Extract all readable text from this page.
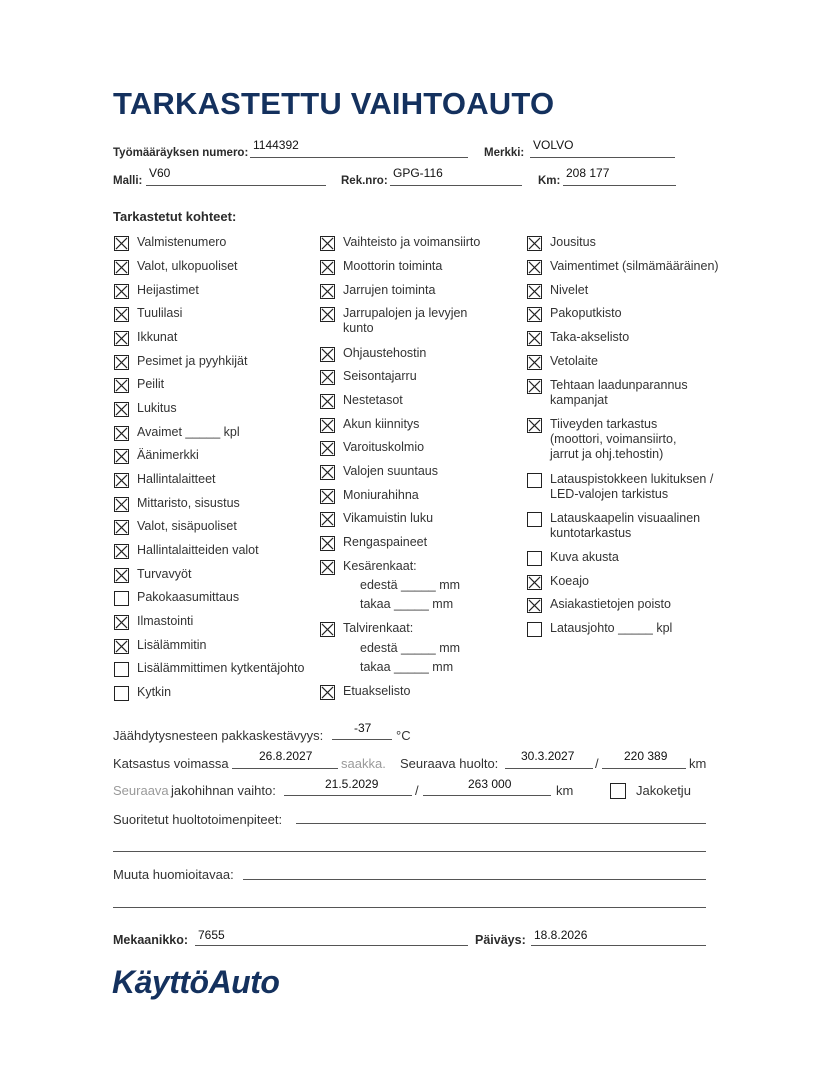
TARKASTETTU VAIHTOAUTO
Työmääräyksen numero:
1144392
Merkki:
VOLVO
Malli:
V60
Rek.nro:
GPG-116
Km:
208 177
Tarkastetut kohteet:
Valmistenumero
Valot, ulkopuoliset
Heijastimet
Tuulilasi
Ikkunat
Pesimet ja pyyhkijät
Peilit
Lukitus
Avaimet _____ kpl
Äänimerkki
Hallintalaitteet
Mittaristo, sisustus
Valot, sisäpuoliset
Hallintalaitteiden valot
Turvavyöt
Pakokaasumittaus
Ilmastointi
Lisälämmitin
Lisälämmittimen kytkentäjohto
Kytkin
Vaihteisto ja voimansiirto
Moottorin toiminta
Jarrujen toiminta
Jarrupalojen ja levyjen kunto
Ohjaustehostin
Seisontajarru
Nestetasot
Akun kiinnitys
Varoituskolmio
Valojen suuntaus
Moniurahihna
Vikamuistin luku
Rengaspaineet
Kesärenkaat:
Talvirenkaat:
Etuakselisto
Jousitus
Vaimentimet (silmämääräinen)
Nivelet
Pakoputkisto
Taka-akselisto
Vetolaite
Tehtaan laadunparannus kampanjat
Tiiveyden tarkastus (moottori, voimansiirto, jarrut ja ohj.tehostin)
Latauspistokkeen lukituksen / LED-valojen tarkistus
Latauskaapelin visuaalinen kuntotarkastus
Kuva akusta
Koeajo
Asiakastietojen poisto
Latausjohto _____ kpl
edestä _____ mm
takaa _____ mm
edestä _____ mm
takaa _____ mm
Jäähdytysnesteen pakkaskestävyys:	-37 °C
Katsastus voimassa	26.8.2027 saakka. Seuraava huolto: 30.3.2027 / 220 389 km
Seuraava jakohihnan vaihto:	21.5.2029	/	263 000	km	Jakoketju
Suoritetut huoltotoimenpiteet:
Muuta huomioitavaa:
Mekaanikko: 7655	Päiväys: 18.8.2026
KäyttöAuto
